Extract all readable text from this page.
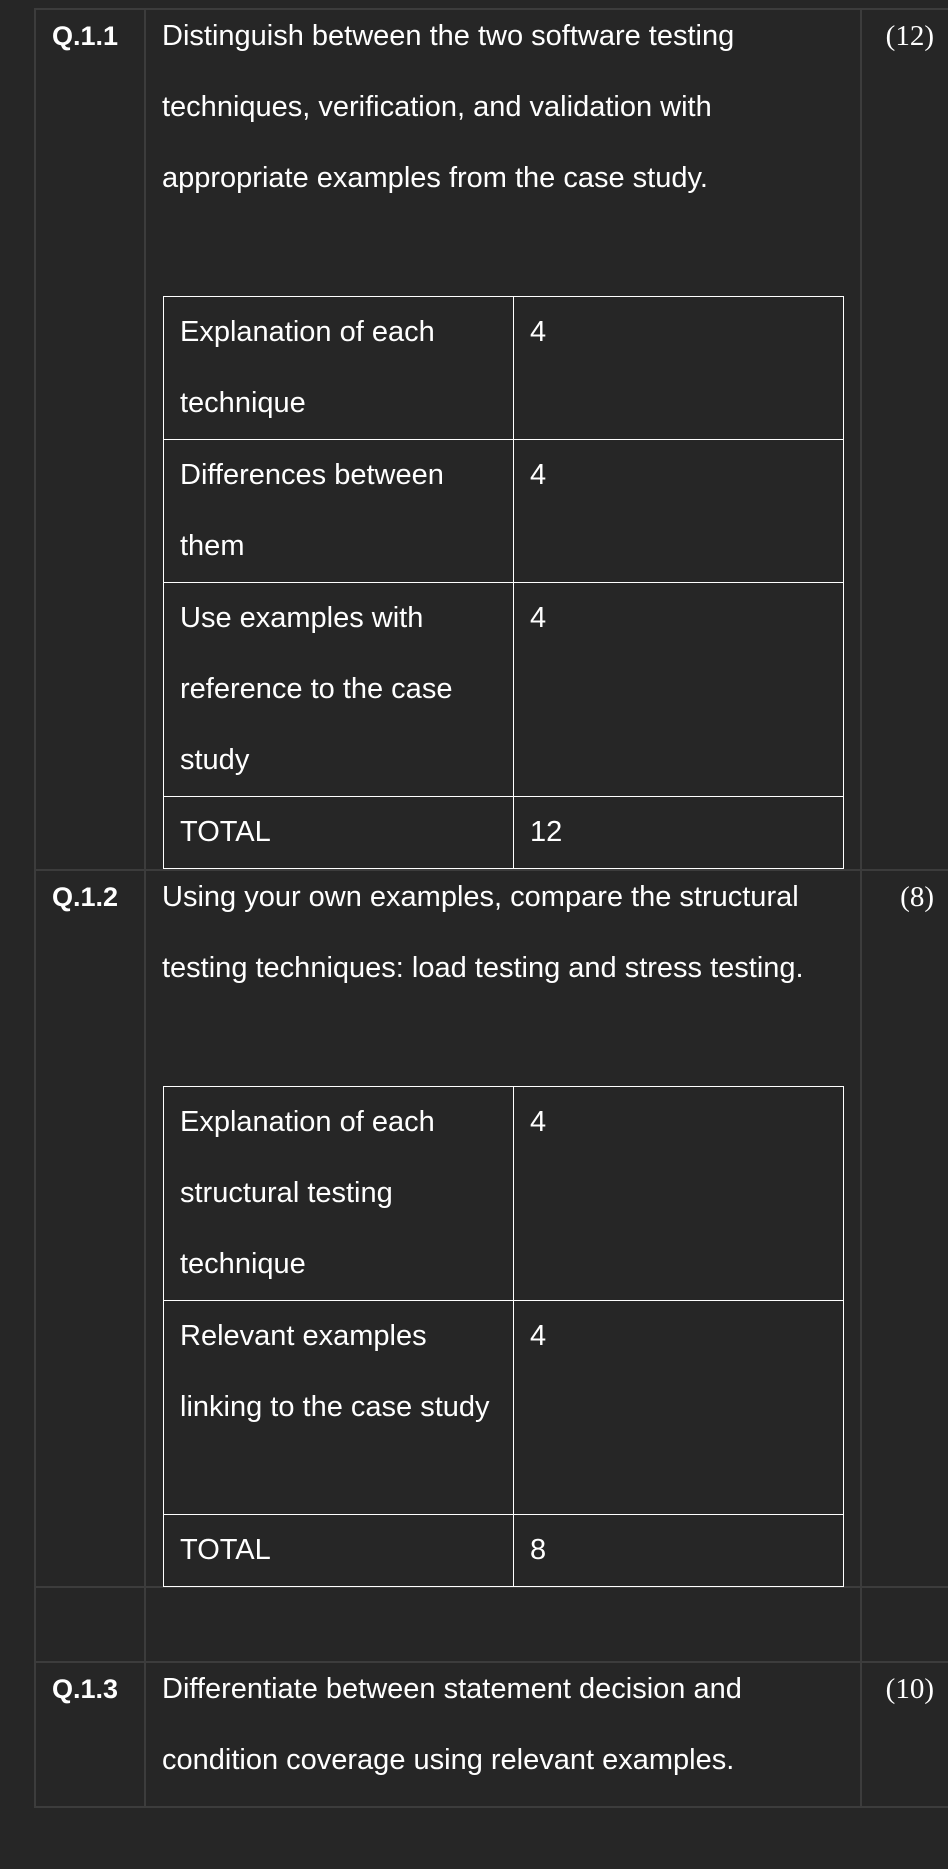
Q.1.1 Distinguish between the two software testing techniques, verification, and validation with appropriate examples from the case study.
(12)
Explanation of each technique	4
Differences between them	4
Use examples with reference to the case study	4
TOTAL	12
Q.1.2 Using your own examples, compare the structural testing techniques: load testing and stress testing.
(8)
Explanation of each structural testing technique	4
Relevant examples linking to the case study	4
TOTAL	8
Q.1.3 Differentiate between statement decision and condition coverage using relevant examples.
(10)
